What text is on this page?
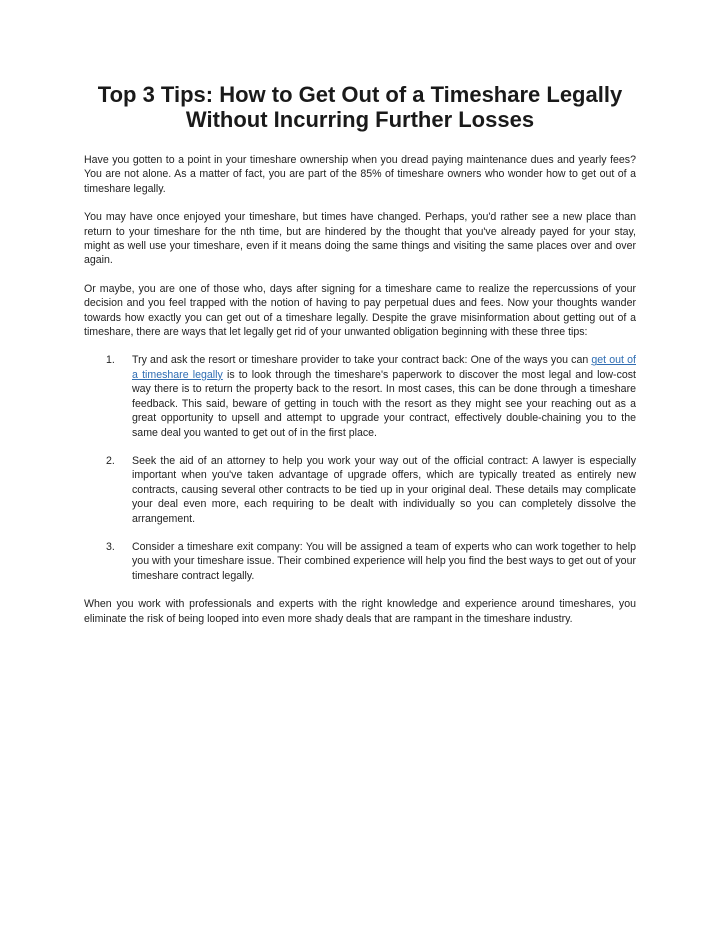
Top 3 Tips: How to Get Out of a Timeshare Legally Without Incurring Further Losses

Have you gotten to a point in your timeshare ownership when you dread paying maintenance dues and yearly fees? You are not alone. As a matter of fact, you are part of the 85% of timeshare owners who wonder how to get out of a timeshare legally.

You may have once enjoyed your timeshare, but times have changed. Perhaps, you'd rather see a new place than return to your timeshare for the nth time, but are hindered by the thought that you've already payed for your stay, might as well use your timeshare, even if it means doing the same things and visiting the same places over and over again.

Or maybe, you are one of those who, days after signing for a timeshare came to realize the repercussions of your decision and you feel trapped with the notion of having to pay perpetual dues and fees. Now your thoughts wander towards how exactly you can get out of a timeshare legally. Despite the grave misinformation about getting out of a timeshare, there are ways that let legally get rid of your unwanted obligation beginning with these three tips:

1. Try and ask the resort or timeshare provider to take your contract back: One of the ways you can get out of a timeshare legally is to look through the timeshare's paperwork to discover the most legal and low-cost way there is to return the property back to the resort. In most cases, this can be done through a timeshare feedback. This said, beware of getting in touch with the resort as they might see your reaching out as a great opportunity to upsell and attempt to upgrade your contract, effectively double-chaining you to the same deal you wanted to get out of in the first place.
2. Seek the aid of an attorney to help you work your way out of the official contract: A lawyer is especially important when you've taken advantage of upgrade offers, which are typically treated as entirely new contracts, causing several other contracts to be tied up in your original deal. These details may complicate your deal even more, each requiring to be dealt with individually so you can completely dissolve the arrangement.
3. Consider a timeshare exit company: You will be assigned a team of experts who can work together to help you with your timeshare issue. Their combined experience will help you find the best ways to get out of your timeshare contract legally.

When you work with professionals and experts with the right knowledge and experience around timeshares, you eliminate the risk of being looped into even more shady deals that are rampant in the timeshare industry.
